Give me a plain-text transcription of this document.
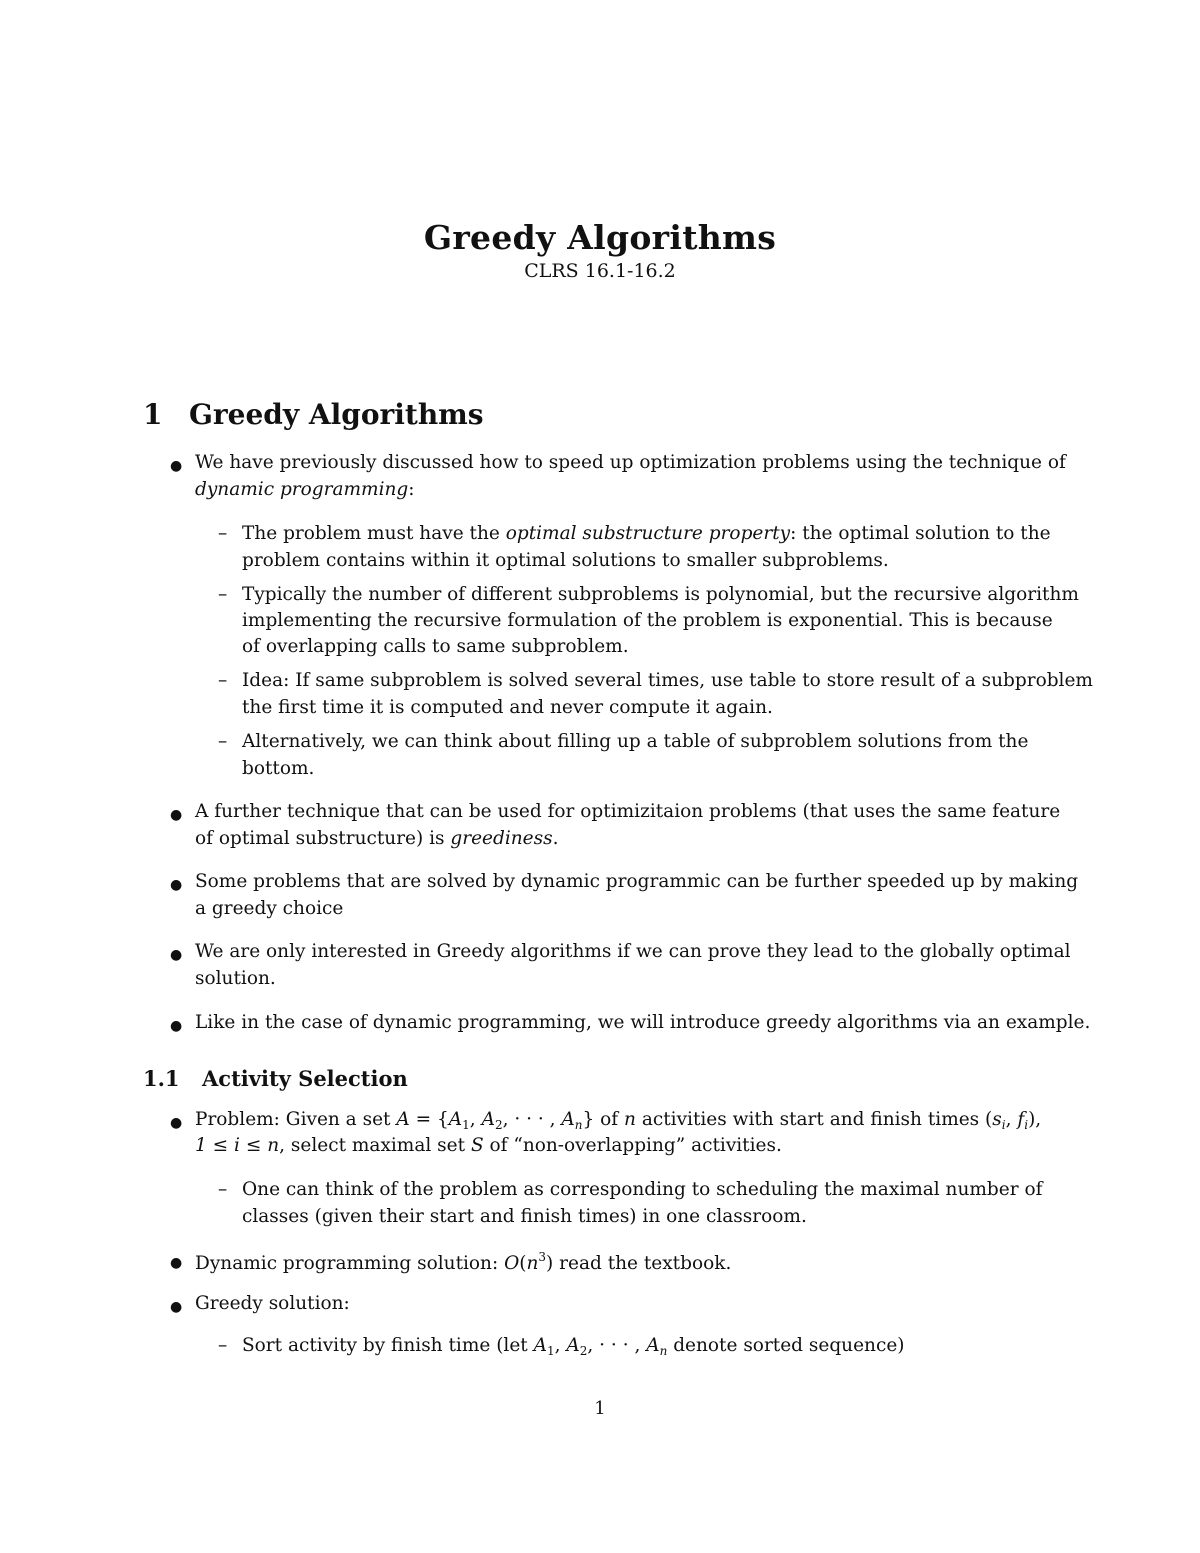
Greedy Algorithms
CLRS 16.1-16.2
1 Greedy Algorithms
● We have previously discussed how to speed up optimization problems using the technique of
dynamic programming:
– The problem must have the optimal substructure property: the optimal solution to the
problem contains within it optimal solutions to smaller subproblems.
– Typically the number of different subproblems is polynomial, but the recursive algorithm
implementing the recursive formulation of the problem is exponential. This is because
of overlapping calls to same subproblem.
– Idea: If same subproblem is solved several times, use table to store result of a subproblem
the first time it is computed and never compute it again.
– Alternatively, we can think about filling up a table of subproblem solutions from the
bottom.
● A further technique that can be used for optimizitaion problems (that uses the same feature
of optimal substructure) is greediness.
● Some problems that are solved by dynamic programmic can be further speeded up by making
a greedy choice
● We are only interested in Greedy algorithms if we can prove they lead to the globally optimal
solution.
● Like in the case of dynamic programming, we will introduce greedy algorithms via an example.
1.1 Activity Selection
● Problem: Given a set $A = \{A_1$, $A_2$, · · · , $A_n$} of n activities with start and finish times ($s_i$, $f_i$),
1 ≤ i ≤ n, select maximal set S of “non-overlapping” activities.
– One can think of the problem as corresponding to scheduling the maximal number of
classes (given their start and finish times) in one classroom.
● Dynamic programming solution: $O(n^3)$ read the textbook.
● Greedy solution:
– Sort activity by finish time (let $A_1$, $A_2$, · · · , $A_n$ denote sorted sequence)
1
